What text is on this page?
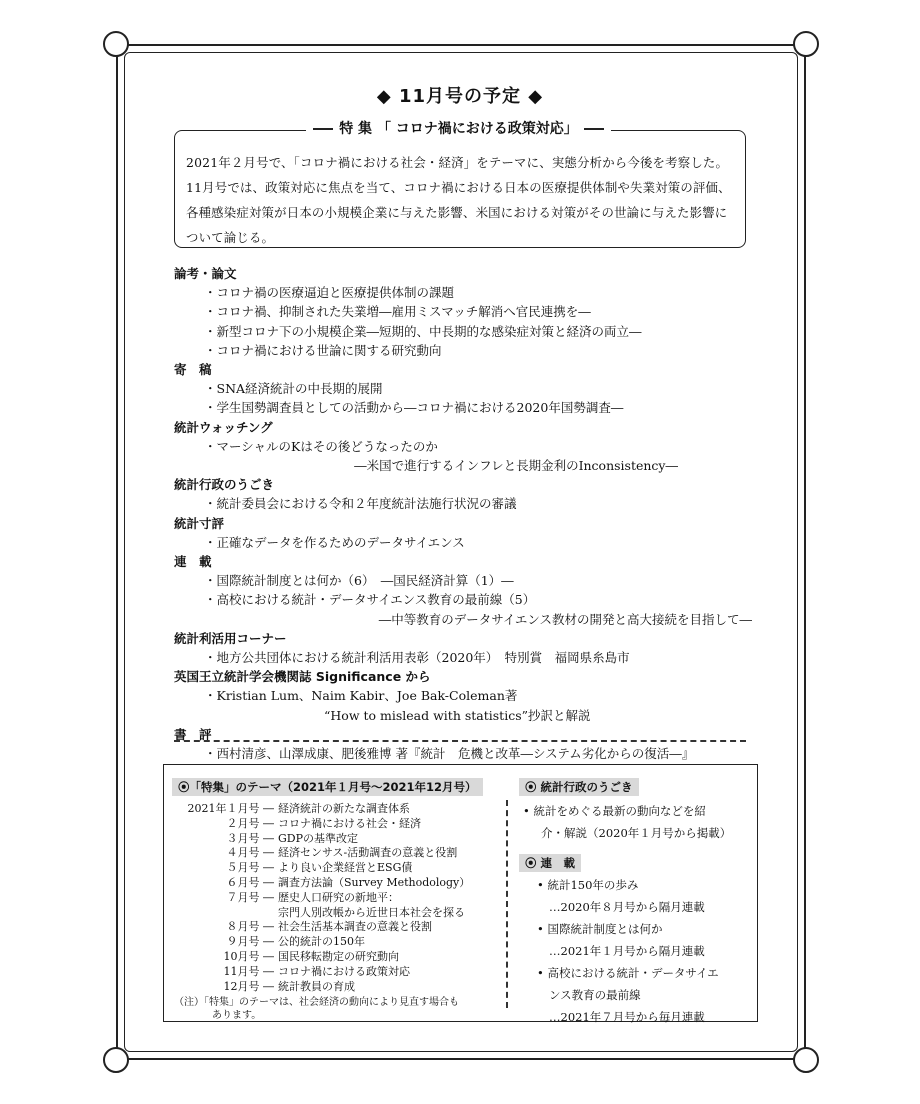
◆ 11月号の予定 ◆
特 集 「 コロナ禍における政策対応」
2021年２月号で、「コロナ禍における社会・経済」をテーマに、実態分析から今後を考察した。11月号では、政策対応に焦点を当て、コロナ禍における日本の医療提供体制や失業対策の評価、各種感染症対策が日本の小規模企業に与えた影響、米国における対策がその世論に与えた影響について論じる。
論考・論文
・コロナ禍の医療逼迫と医療提供体制の課題
・コロナ禍、抑制された失業増―雇用ミスマッチ解消へ官民連携を―
・新型コロナ下の小規模企業―短期的、中長期的な感染症対策と経済の両立―
・コロナ禍における世論に関する研究動向
寄　稿
・SNA経済統計の中長期的展開
・学生国勢調査員としての活動から―コロナ禍における2020年国勢調査―
統計ウォッチング
・マーシャルのKはその後どうなったのか
―米国で進行するインフレと長期金利のInconsistency―
統計行政のうごき
・統計委員会における令和２年度統計法施行状況の審議
統計寸評
・正確なデータを作るためのデータサイエンス
連　載
・国際統計制度とは何か（6）　―国民経済計算（1）―
・高校における統計・データサイエンス教育の最前線（5）
―中等教育のデータサイエンス教材の開発と高大接続を目指して―
統計利活用コーナー
・地方公共団体における統計利活用表彰（2020年）　特別賞　福岡県糸島市
英国王立統計学会機関誌 Significance から
・Kristian Lum、Naim Kabir、Joe Bak-Coleman著
“How to mislead with statistics”抄訳と解説
書　評
・西村清彦、山澤成康、肥後雅博 著『統計　危機と改革―システム劣化からの復活―』
⦿「特集」のテーマ（2021年１月号～2021年12月号）
2021年１月号 ― 経済統計の新たな調査体系
２月号 ― コロナ禍における社会・経済
３月号 ― GDPの基準改定
４月号 ― 経済センサス‐活動調査の意義と役割
５月号 ― より良い企業経営とESG債
６月号 ― 調査方法論（Survey Methodology）
７月号 ― 歴史人口研究の新地平：
宗門人別改帳から近世日本社会を探る
８月号 ― 社会生活基本調査の意義と役割
９月号 ― 公的統計の150年
10月号 ― 国民移転勘定の研究動向
11月号 ― コロナ禍における政策対応
12月号 ― 統計教員の育成
（注）「特集」のテーマは、社会経済の動向により見直す場合も
あります。
⦿ 統計行政のうごき
• 統計をめぐる最新の動向などを紹
介・解説（2020年１月号から掲載）
⦿ 連　載
• 統計150年の歩み
…2020年８月号から隔月連載
• 国際統計制度とは何か
…2021年１月号から隔月連載
• 高校における統計・データサイエ
ンス教育の最前線
…2021年７月号から毎月連載
